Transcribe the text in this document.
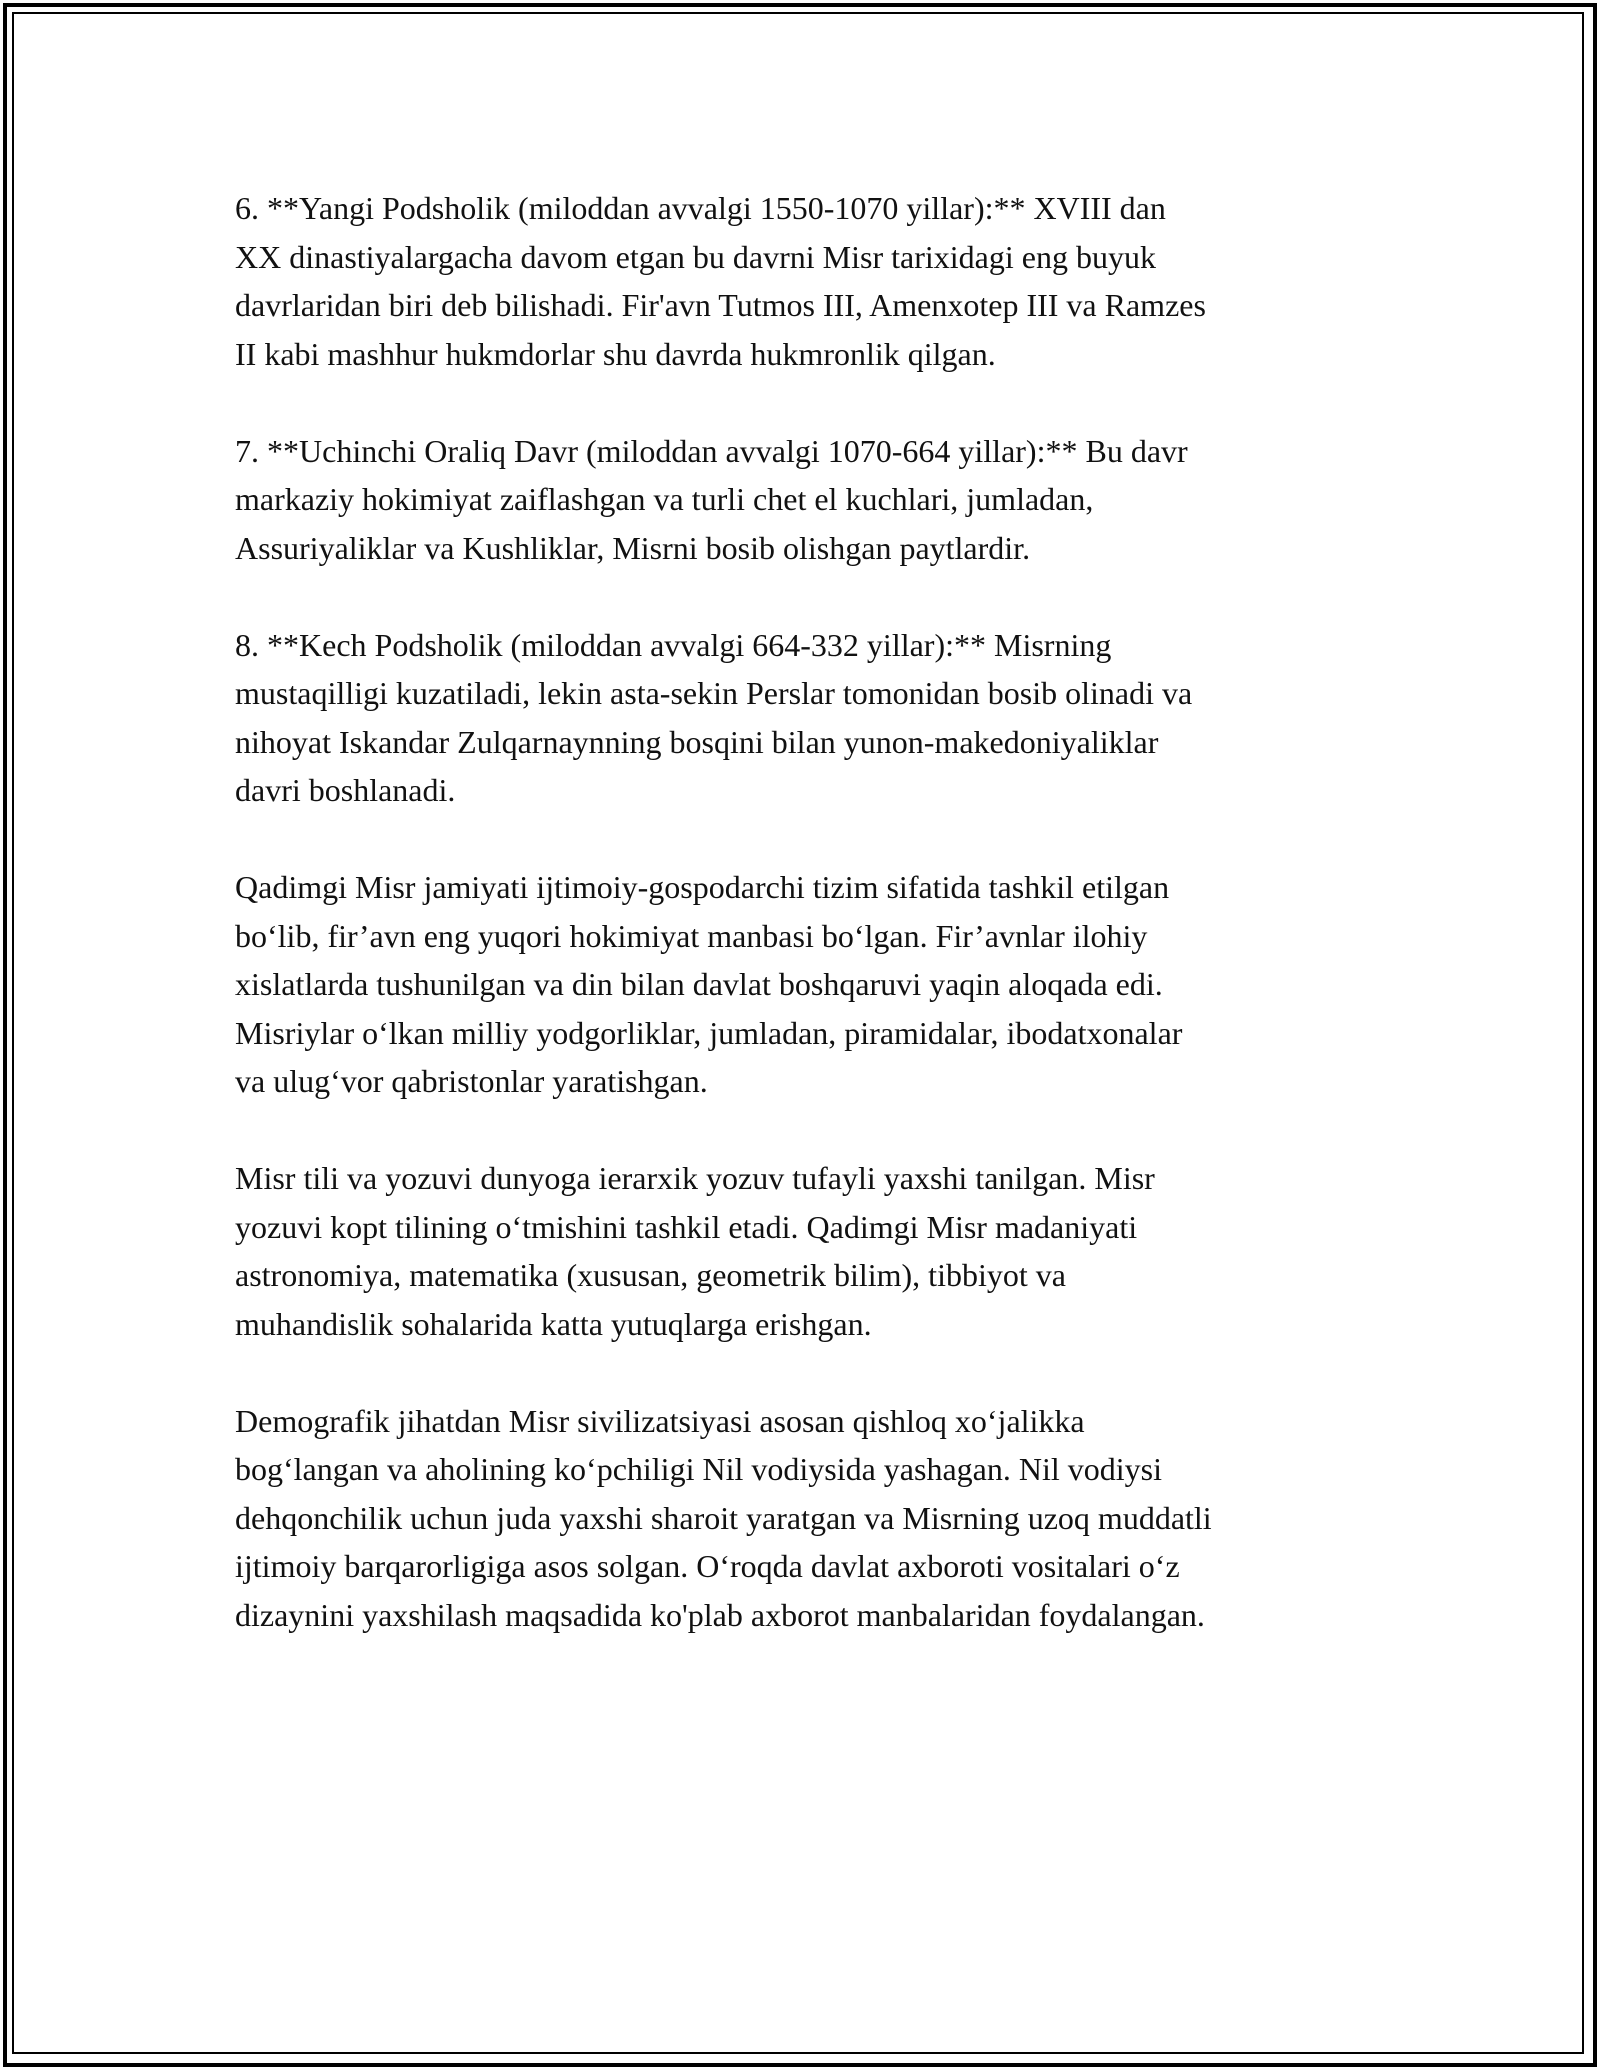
6. **Yangi Podsholik (miloddan avvalgi 1550-1070 yillar):** XVIII dan
XX dinastiyalargacha davom etgan bu davrni Misr tarixidagi eng buyuk
davrlaridan biri deb bilishadi. Fir'avn Tutmos III, Amenxotep III va Ramzes
II kabi mashhur hukmdorlar shu davrda hukmronlik qilgan.

7. **Uchinchi Oraliq Davr (miloddan avvalgi 1070-664 yillar):** Bu davr
markaziy hokimiyat zaiflashgan va turli chet el kuchlari, jumladan,
Assuriyaliklar va Kushliklar, Misrni bosib olishgan paytlardir.

8. **Kech Podsholik (miloddan avvalgi 664-332 yillar):** Misrning
mustaqilligi kuzatiladi, lekin asta-sekin Perslar tomonidan bosib olinadi va
nihoyat Iskandar Zulqarnaynning bosqini bilan yunon-makedoniyaliklar
davri boshlanadi.

Qadimgi Misr jamiyati ijtimoiy-gospodarchi tizim sifatida tashkil etilgan
bo‘lib, fir’avn eng yuqori hokimiyat manbasi bo‘lgan. Fir’avnlar ilohiy
xislatlarda tushunilgan va din bilan davlat boshqaruvi yaqin aloqada edi.
Misriylar o‘lkan milliy yodgorliklar, jumladan, piramidalar, ibodatxonalar
va ulug‘vor qabristonlar yaratishgan.

Misr tili va yozuvi dunyoga ierarxik yozuv tufayli yaxshi tanilgan. Misr
yozuvi kopt tilining o‘tmishini tashkil etadi. Qadimgi Misr madaniyati
astronomiya, matematika (xususan, geometrik bilim), tibbiyot va
muhandislik sohalarida katta yutuqlarga erishgan.

Demografik jihatdan Misr sivilizatsiyasi asosan qishloq xo‘jalikka
bog‘langan va aholining ko‘pchiligi Nil vodiysida yashagan. Nil vodiysi
dehqonchilik uchun juda yaxshi sharoit yaratgan va Misrning uzoq muddatli
ijtimoiy barqarorligiga asos solgan. O‘roqda davlat axboroti vositalari o‘z
dizaynini yaxshilash maqsadida ko'plab axborot manbalaridan foydalangan.
